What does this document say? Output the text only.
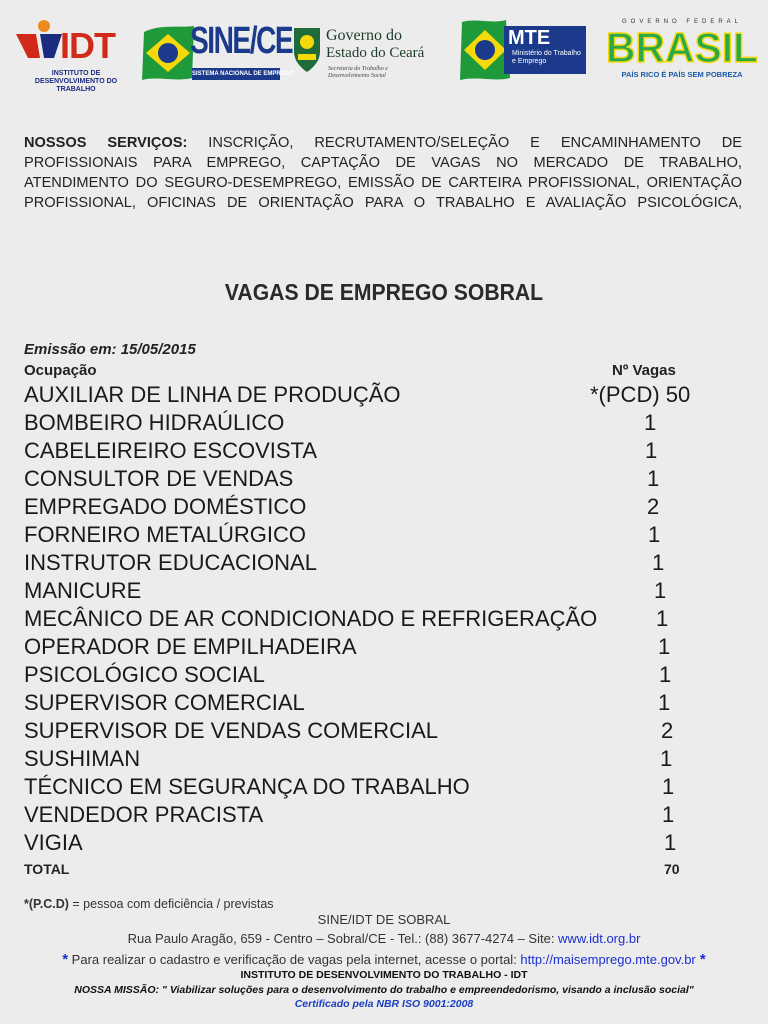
IDT
INSTITUTO DE DESENVOLVIMENTO DO TRABALHO
SINE/CE
SISTEMA NACIONAL DE EMPREGO
Governo do
Estado do Ceará
Secretaria do Trabalho e Desenvolvimento Social
MTE
Ministério do Trabalho e Emprego
GOVERNO FEDERAL
BRASIL
PAÍS RICO É PAÍS SEM POBREZA

NOSSOS SERVIÇOS: INSCRIÇÃO, RECRUTAMENTO/SELEÇÃO E ENCAMINHAMENTO DE PROFISSIONAIS PARA EMPREGO, CAPTAÇÃO DE VAGAS NO MERCADO DE TRABALHO, ATENDIMENTO DO SEGURO-DESEMPREGO, EMISSÃO DE CARTEIRA PROFISSIONAL, ORIENTAÇÃO PROFISSIONAL, OFICINAS DE ORIENTAÇÃO PARA O TRABALHO E AVALIAÇÃO PSICOLÓGICA,

VAGAS DE EMPREGO SOBRAL
Emissão em: 15/05/2015
Ocupação	Nº Vagas
AUXILIAR DE LINHA DE PRODUÇÃO	*(PCD) 50
BOMBEIRO HIDRAÚLICO	1
CABELEIREIRO ESCOVISTA	1
CONSULTOR DE VENDAS	1
EMPREGADO DOMÉSTICO	2
FORNEIRO METALÚRGICO	1
INSTRUTOR EDUCACIONAL	1
MANICURE	1
MECÂNICO DE AR CONDICIONADO E REFRIGERAÇÃO	1
OPERADOR DE EMPILHADEIRA	1
PSICOLÓGICO SOCIAL	1
SUPERVISOR COMERCIAL	1
SUPERVISOR DE VENDAS COMERCIAL	2
SUSHIMAN	1
TÉCNICO EM SEGURANÇA DO TRABALHO	1
VENDEDOR PRACISTA	1
VIGIA	1
TOTAL	70
*(P.C.D) = pessoa com deficiência / previstas
SINE/IDT DE SOBRAL
Rua Paulo Aragão, 659 - Centro – Sobral/CE - Tel.: (88) 3677-4274 – Site: www.idt.org.br
* Para realizar o cadastro e verificação de vagas pela internet, acesse o portal: http://maisemprego.mte.gov.br *
INSTITUTO DE DESENVOLVIMENTO DO TRABALHO - IDT
NOSSA MISSÃO: " Viabilizar soluções para o desenvolvimento do trabalho e empreendedorismo, visando a inclusão social"
Certificado pela NBR ISO 9001:2008
